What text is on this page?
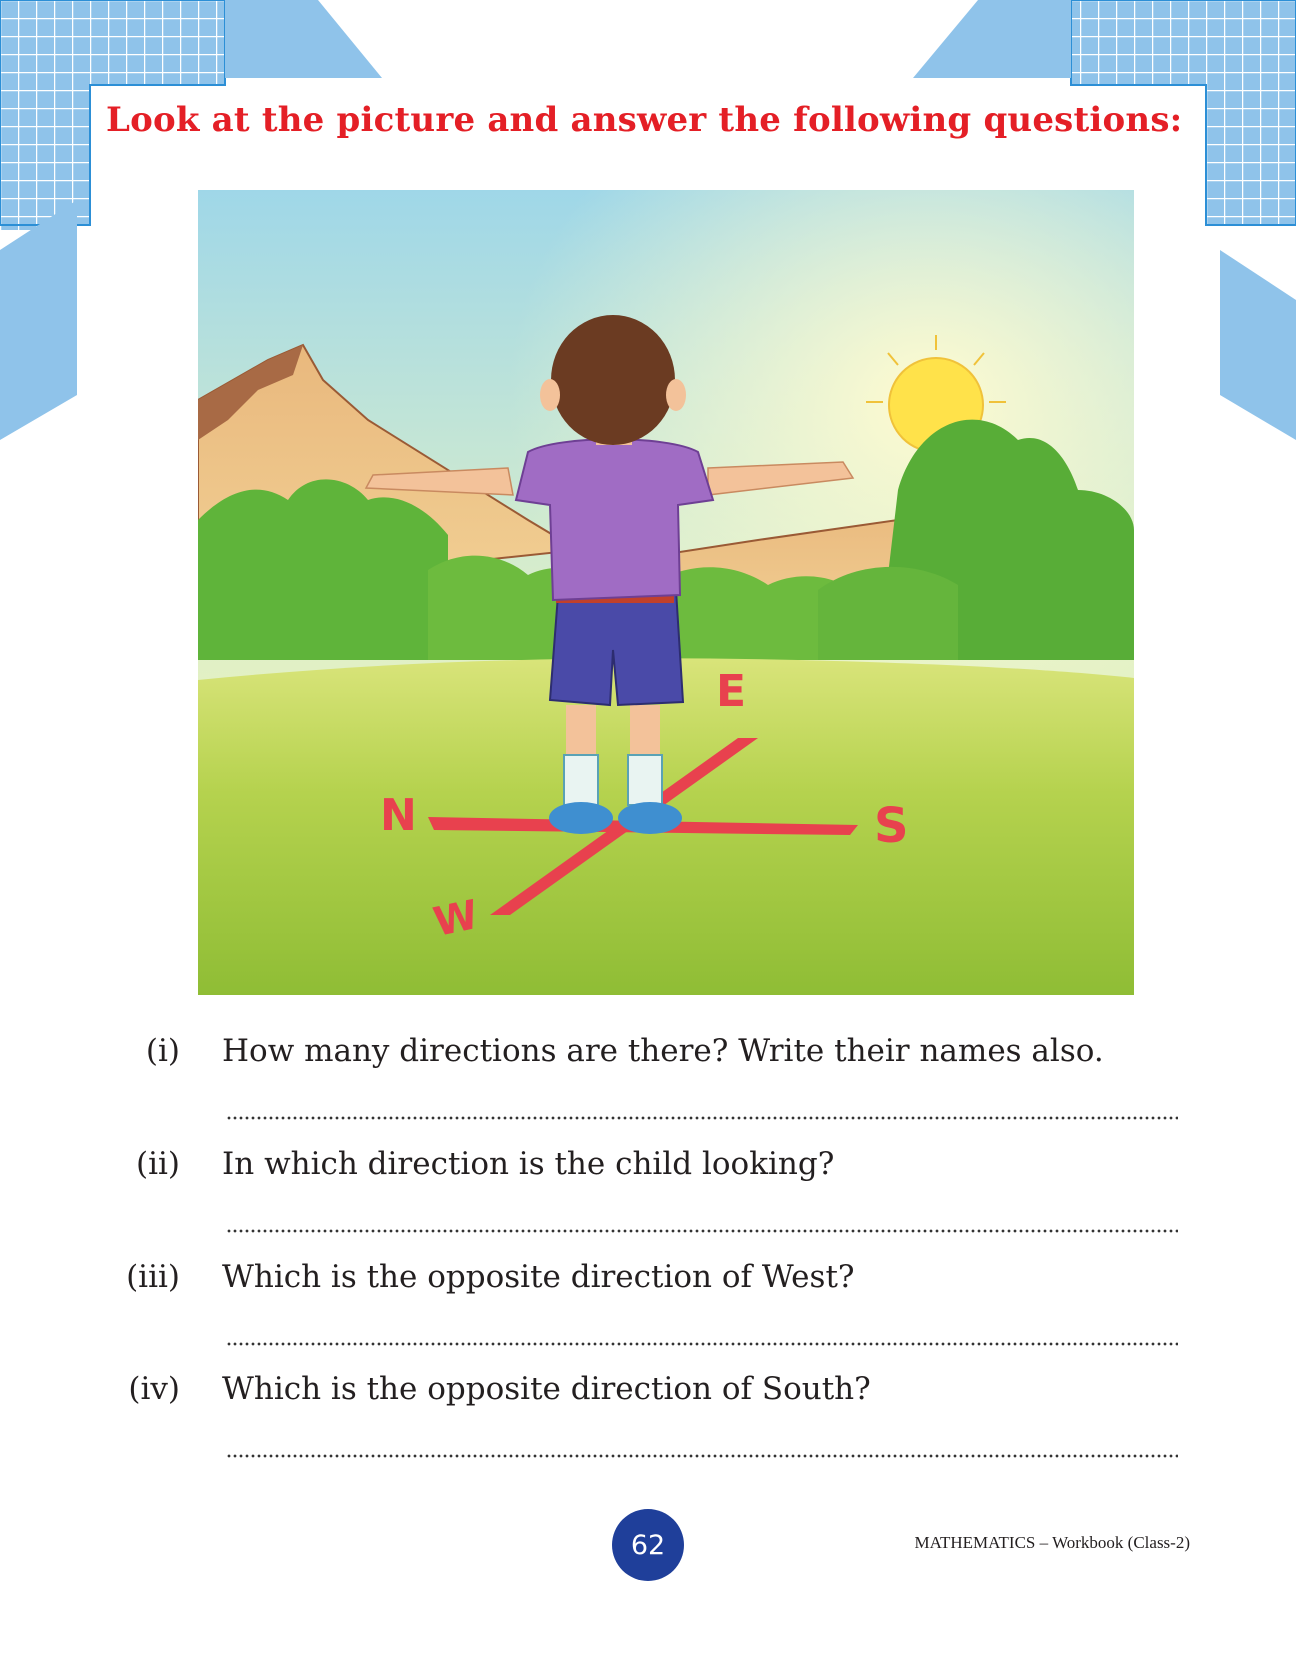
Look at the picture and answer the following questions:
E
N	S
W
(i) How many directions are there? Write their names also.
(ii) In which direction is the child looking?
(iii) Which is the opposite direction of West?
(iv) Which is the opposite direction of South?
62	MATHEMATICS – Workbook (Class-2)
